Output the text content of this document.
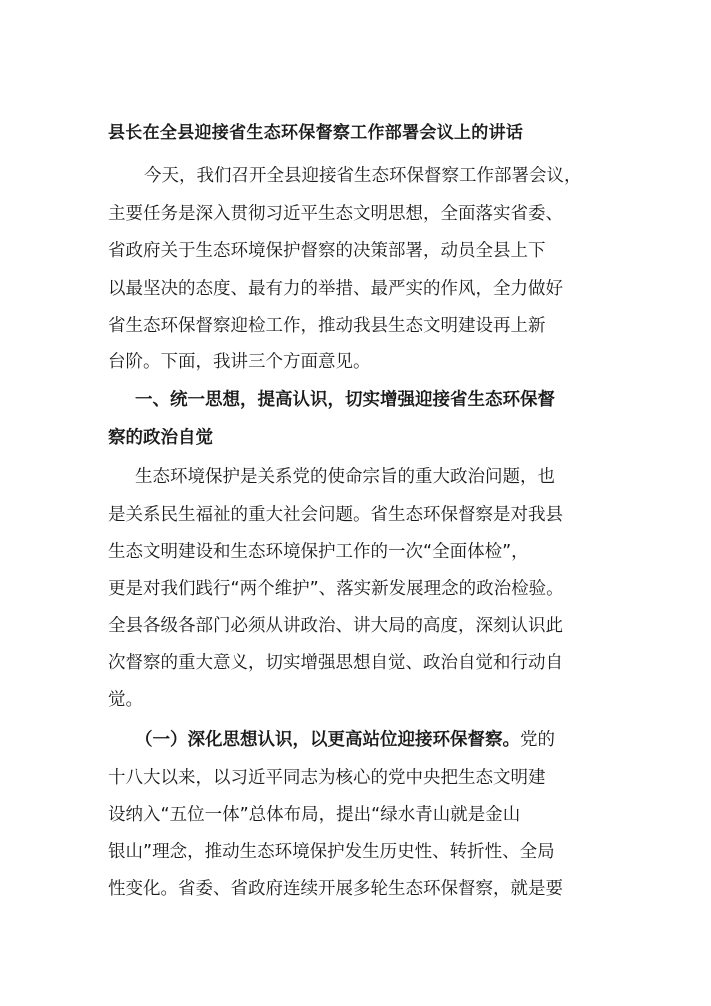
县长在全县迎接省生态环保督察工作部署会议上的讲话
今天，我们召开全县迎接省生态环保督察工作部署会议，
主要任务是深入贯彻习近平生态文明思想，全面落实省委、
省政府关于生态环境保护督察的决策部署，动员全县上下
以最坚决的态度、最有力的举措、最严实的作风，全力做好
省生态环保督察迎检工作，推动我县生态文明建设再上新
台阶。下面，我讲三个方面意见。
一、统一思想，提高认识，切实增强迎接省生态环保督
察的政治自觉
生态环境保护是关系党的使命宗旨的重大政治问题，也
是关系民生福祉的重大社会问题。省生态环保督察是对我县
生态文明建设和生态环境保护工作的一次“全面体检”，
更是对我们践行“两个维护”、落实新发展理念的政治检验。
全县各级各部门必须从讲政治、讲大局的高度，深刻认识此
次督察的重大意义，切实增强思想自觉、政治自觉和行动自
觉。
（一）深化思想认识，以更高站位迎接环保督察。党的
十八大以来，以习近平同志为核心的党中央把生态文明建
设纳入“五位一体”总体布局，提出“绿水青山就是金山
银山”理念，推动生态环境保护发生历史性、转折性、全局
性变化。省委、省政府连续开展多轮生态环保督察，就是要
